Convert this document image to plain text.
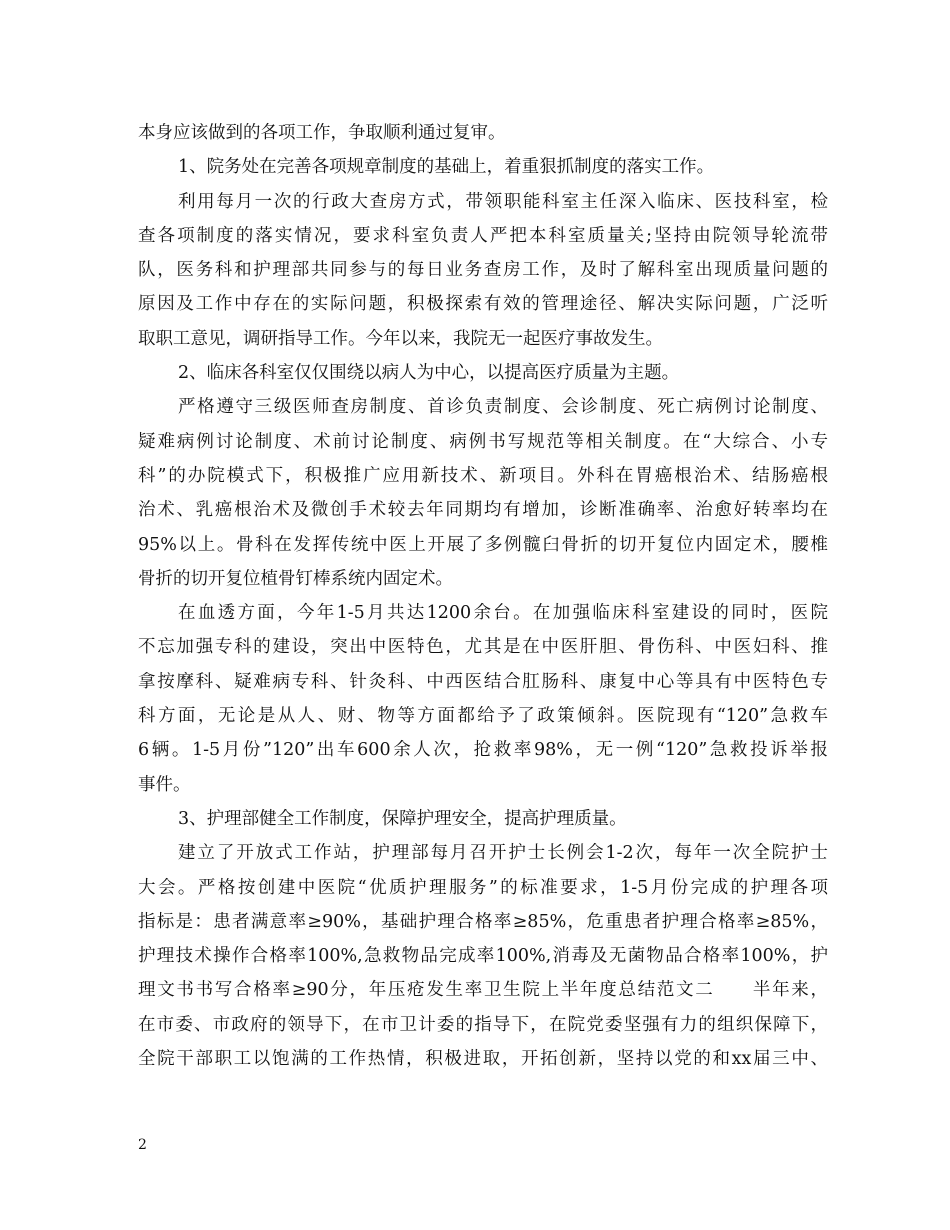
本身应该做到的各项工作，争取顺利通过复审。
1、院务处在完善各项规章制度的基础上，着重狠抓制度的落实工作。
利用每月一次的行政大查房方式，带领职能科室主任深入临床、医技科室，检
查各项制度的落实情况，要求科室负责人严把本科室质量关;坚持由院领导轮流带
队，医务科和护理部共同参与的每日业务查房工作，及时了解科室出现质量问题的
原因及工作中存在的实际问题，积极探索有效的管理途径、解决实际问题，广泛听
取职工意见，调研指导工作。今年以来，我院无一起医疗事故发生。
2、临床各科室仅仅围绕以病人为中心，以提高医疗质量为主题。
严格遵守三级医师查房制度、首诊负责制度、会诊制度、死亡病例讨论制度、
疑难病例讨论制度、术前讨论制度、病例书写规范等相关制度。在“大综合、小专
科”的办院模式下，积极推广应用新技术、新项目。外科在胃癌根治术、结肠癌根
治术、乳癌根治术及微创手术较去年同期均有增加，诊断准确率、治愈好转率均在
95%以上。骨科在发挥传统中医上开展了多例髋臼骨折的切开复位内固定术，腰椎
骨折的切开复位植骨钉棒系统内固定术。
在血透方面，今年1-5月共达1200余台。在加强临床科室建设的同时，医院
不忘加强专科的建设，突出中医特色，尤其是在中医肝胆、骨伤科、中医妇科、推
拿按摩科、疑难病专科、针灸科、中西医结合肛肠科、康复中心等具有中医特色专
科方面，无论是从人、财、物等方面都给予了政策倾斜。医院现有“120”急救车
6辆。1-5月份”120”出车600余人次，抢救率98%，无一例“120”急救投诉举报
事件。
3、护理部健全工作制度，保障护理安全，提高护理质量。
建立了开放式工作站，护理部每月召开护士长例会1-2次，每年一次全院护士
大会。严格按创建中医院“优质护理服务”的标准要求，1-5月份完成的护理各项
指标是：患者满意率≥90%，基础护理合格率≥85%，危重患者护理合格率≥85%，
护理技术操作合格率100%,急救物品完成率100%,消毒及无菌物品合格率100%，护
理文书书写合格率≥90分，年压疮发生率卫生院上半年度总结范文二　　半年来，
在市委、市政府的领导下，在市卫计委的指导下，在院党委坚强有力的组织保障下，
全院干部职工以饱满的工作热情，积极进取，开拓创新，坚持以党的和xx届三中、
2
